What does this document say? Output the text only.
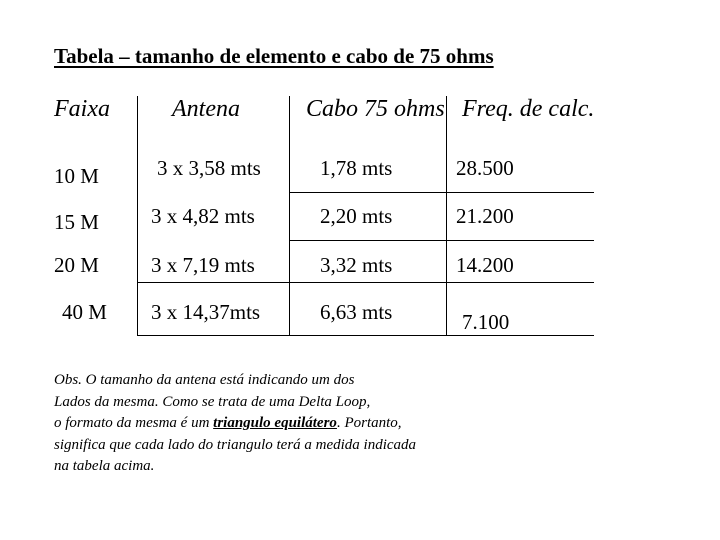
Tabela – tamanho de elemento e cabo de 75 ohms
Faixa	Antena	Cabo 75 ohms Freq. de calc.
10 M	3 x 3,58 mts	1,78 mts	28.500
15 M 3 x 4,82 mts	2,20 mts	21.200
20 M 3 x 7,19 mts	3,32 mts	14.200
40 M 3 x 14,37mts	6,63 mts	7.100
Obs. O tamanho da antena está indicando um dos
Lados da mesma. Como se trata de uma Delta Loop,
o formato da mesma é um triangulo equilátero. Portanto,
significa que cada lado do triangulo terá a medida indicada
na tabela acima.
